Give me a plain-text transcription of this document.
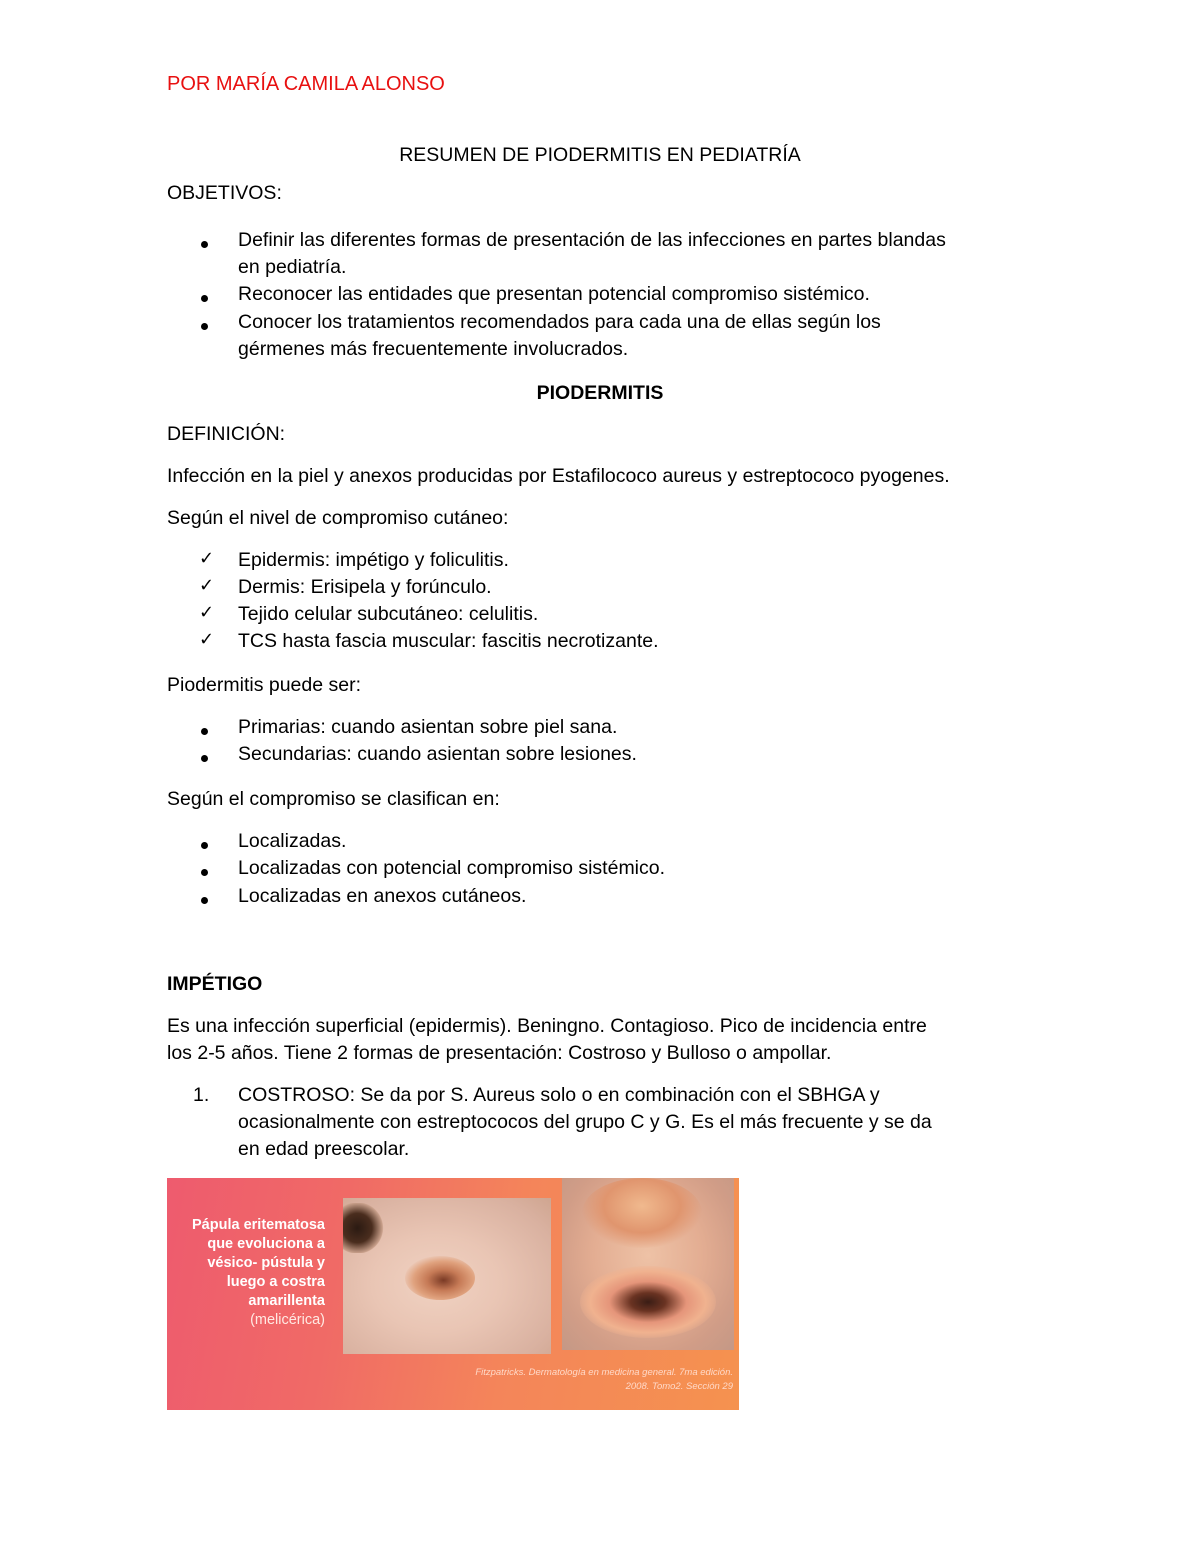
POR MARÍA CAMILA ALONSO
RESUMEN DE PIODERMITIS EN PEDIATRÍA
OBJETIVOS:
Definir las diferentes formas de presentación de las infecciones en partes blandas
en pediatría.
Reconocer las entidades que presentan potencial compromiso sistémico.
Conocer los tratamientos recomendados para cada una de ellas según los
gérmenes más frecuentemente involucrados.
PIODERMITIS
DEFINICIÓN:
Infección en la piel y anexos producidas por Estafilococo aureus y estreptococo pyogenes.
Según el nivel de compromiso cutáneo:
✓ Epidermis: impétigo y foliculitis.
✓ Dermis: Erisipela y forúnculo.
✓ Tejido celular subcutáneo: celulitis.
✓ TCS hasta fascia muscular: fascitis necrotizante.
Piodermitis puede ser:
Primarias: cuando asientan sobre piel sana.
Secundarias: cuando asientan sobre lesiones.
Según el compromiso se clasifican en:
Localizadas.
Localizadas con potencial compromiso sistémico.
Localizadas en anexos cutáneos.
IMPÉTIGO
Es una infección superficial (epidermis). Beningno. Contagioso. Pico de incidencia entre
los 2-5 años. Tiene 2 formas de presentación: Costroso y Bulloso o ampollar.
1. COSTROSO: Se da por S. Aureus solo o en combinación con el SBHGA y
ocasionalmente con estreptococos del grupo C y G. Es el más frecuente y se da
en edad preescolar.
Pápula eritematosa
que evoluciona a
vésico- pústula y
luego a costra
amarillenta
(melicérica)
Fitzpatricks. Dermatología en medicina general. 7ma edición.
2008. Tomo2. Sección 29
